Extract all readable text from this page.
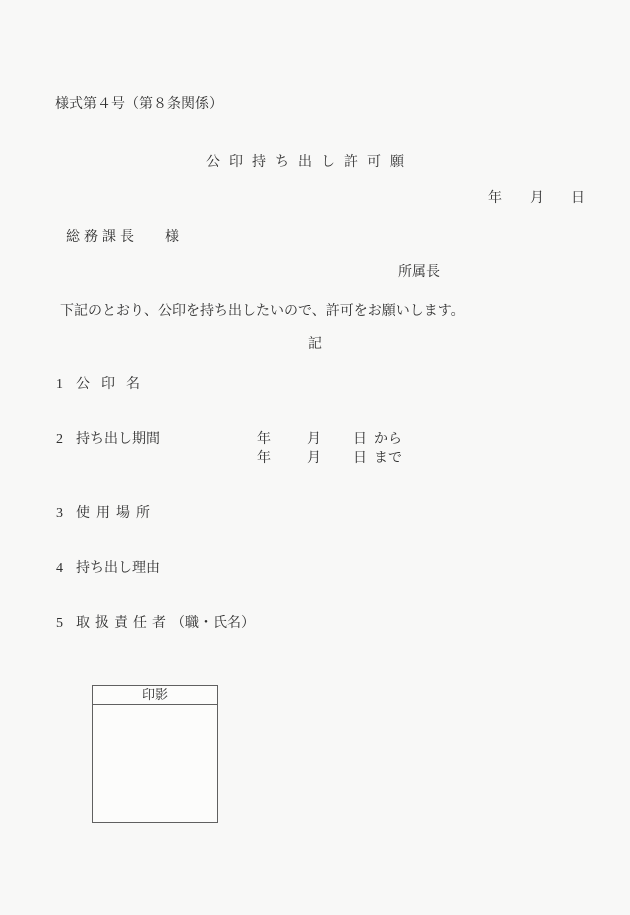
様式第４号（第８条関係）
公印持ち出し許可願
年 月 日
総務課長 様
所属長
下記のとおり、公印を持ち出したいので、許可をお願いします。
記
1 公印名
2 持ち出し期間	年	月 日 から
年	月 日 まで
3 使用場所
4 持ち出し理由
5 取扱責任者（職・氏名）
印影
